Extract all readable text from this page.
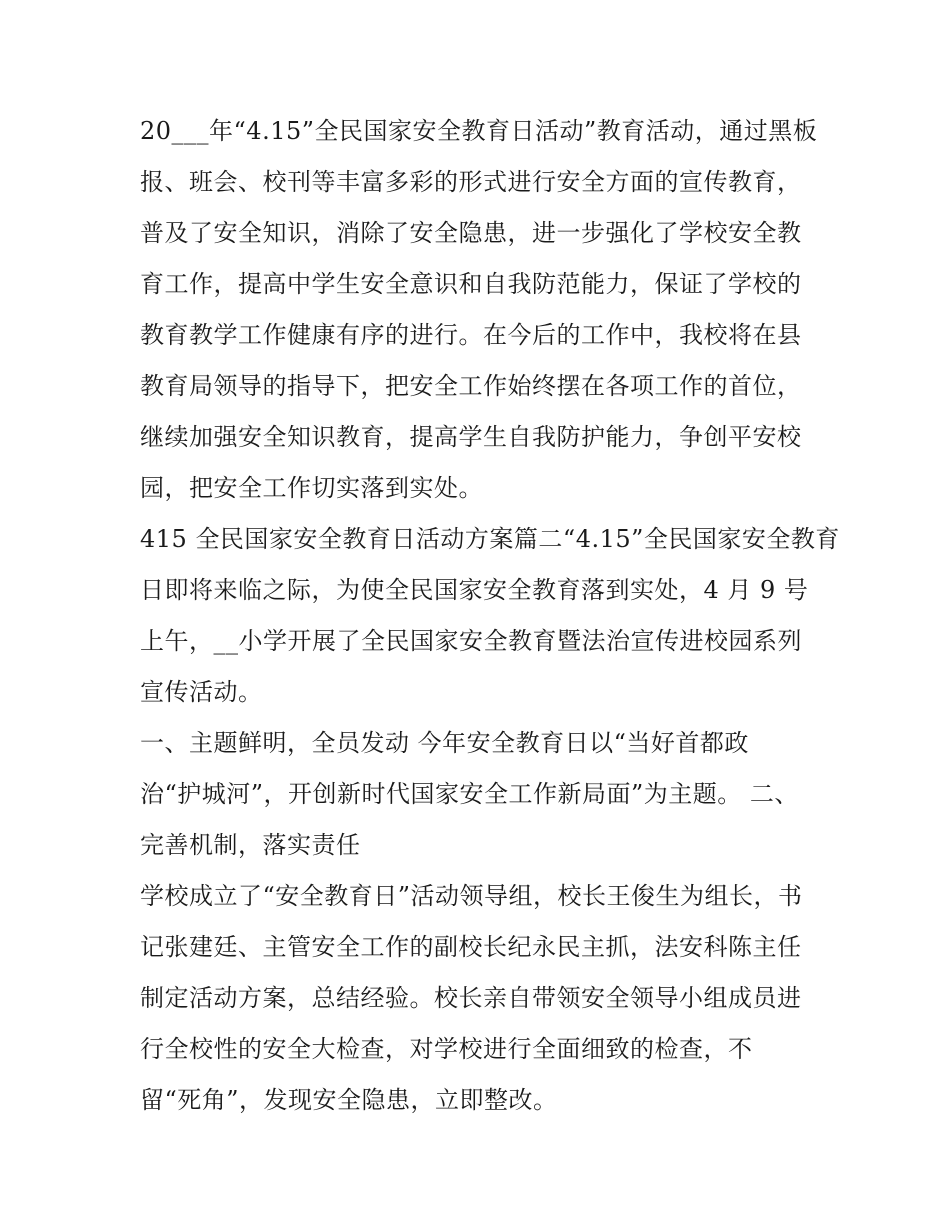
20___年“4.15”全民国家安全教育日活动”教育活动，通过黑板
报、班会、校刊等丰富多彩的形式进行安全方面的宣传教育，
普及了安全知识，消除了安全隐患，进一步强化了学校安全教
育工作，提高中学生安全意识和自我防范能力，保证了学校的
教育教学工作健康有序的进行。在今后的工作中，我校将在县
教育局领导的指导下，把安全工作始终摆在各项工作的首位，
继续加强安全知识教育，提高学生自我防护能力，争创平安校
园，把安全工作切实落到实处。
415 全民国家安全教育日活动方案篇二“4.15”全民国家安全教育
日即将来临之际，为使全民国家安全教育落到实处，4 月 9 号
上午，__小学开展了全民国家安全教育暨法治宣传进校园系列
宣传活动。
一、主题鲜明，全员发动 今年安全教育日以“当好首都政
治“护城河”，开创新时代国家安全工作新局面”为主题。 二、
完善机制，落实责任
学校成立了“安全教育日”活动领导组，校长王俊生为组长，书
记张建廷、主管安全工作的副校长纪永民主抓，法安科陈主任
制定活动方案，总结经验。校长亲自带领安全领导小组成员进
行全校性的安全大检查，对学校进行全面细致的检查，不
留“死角”，发现安全隐患，立即整改。
